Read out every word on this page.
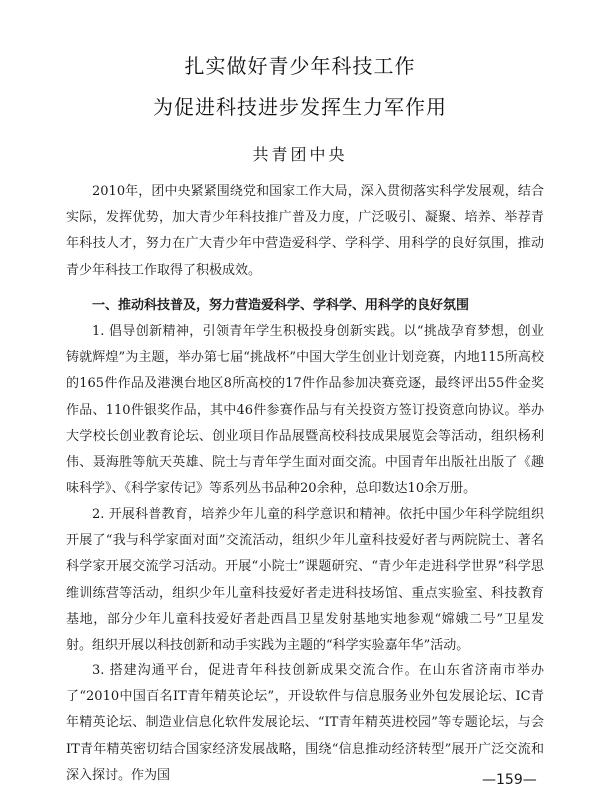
扎实做好青少年科技工作
为促进科技进步发挥生力军作用
共青团中央

2010年，团中央紧紧围绕党和国家工作大局，深入贯彻落实科学发展观，结合实际，发挥优势，加大青少年科技推广普及力度，广泛吸引、凝聚、培养、举荐青年科技人才，努力在广大青少年中营造爱科学、学科学、用科学的良好氛围，推动青少年科技工作取得了积极成效。

一、推动科技普及，努力营造爱科学、学科学、用科学的良好氛围

1. 倡导创新精神，引领青年学生积极投身创新实践。以“挑战孕育梦想，创业铸就辉煌”为主题，举办第七届“挑战杯”中国大学生创业计划竞赛，内地115所高校的165件作品及港澳台地区8所高校的17件作品参加决赛竞逐，最终评出55件金奖作品、110件银奖作品，其中46件参赛作品与有关投资方签订投资意向协议。举办大学校长创业教育论坛、创业项目作品展暨高校科技成果展览会等活动，组织杨利伟、聂海胜等航天英雄、院士与青年学生面对面交流。中国青年出版社出版了《趣味科学》、《科学家传记》等系列丛书品种20余种，总印数达10余万册。

2. 开展科普教育，培养少年儿童的科学意识和精神。依托中国少年科学院组织开展了“我与科学家面对面”交流活动，组织少年儿童科技爱好者与两院院士、著名科学家开展交流学习活动。开展“小院士”课题研究、“青少年走进科学世界”科学思维训练营等活动，组织少年儿童科技爱好者走进科技场馆、重点实验室、科技教育基地，部分少年儿童科技爱好者赴西昌卫星发射基地实地参观“嫦娥二号”卫星发射。组织开展以科技创新和动手实践为主题的“科学实验嘉年华”活动。

3. 搭建沟通平台，促进青年科技创新成果交流合作。在山东省济南市举办了“2010中国百名IT青年精英论坛”，开设软件与信息服务业外包发展论坛、IC青年精英论坛、制造业信息化软件发展论坛、“IT青年精英进校园”等专题论坛，与会IT青年精英密切结合国家经济发展战略，围绕“信息推动经济转型”展开广泛交流和深入探讨。作为国	—159—
